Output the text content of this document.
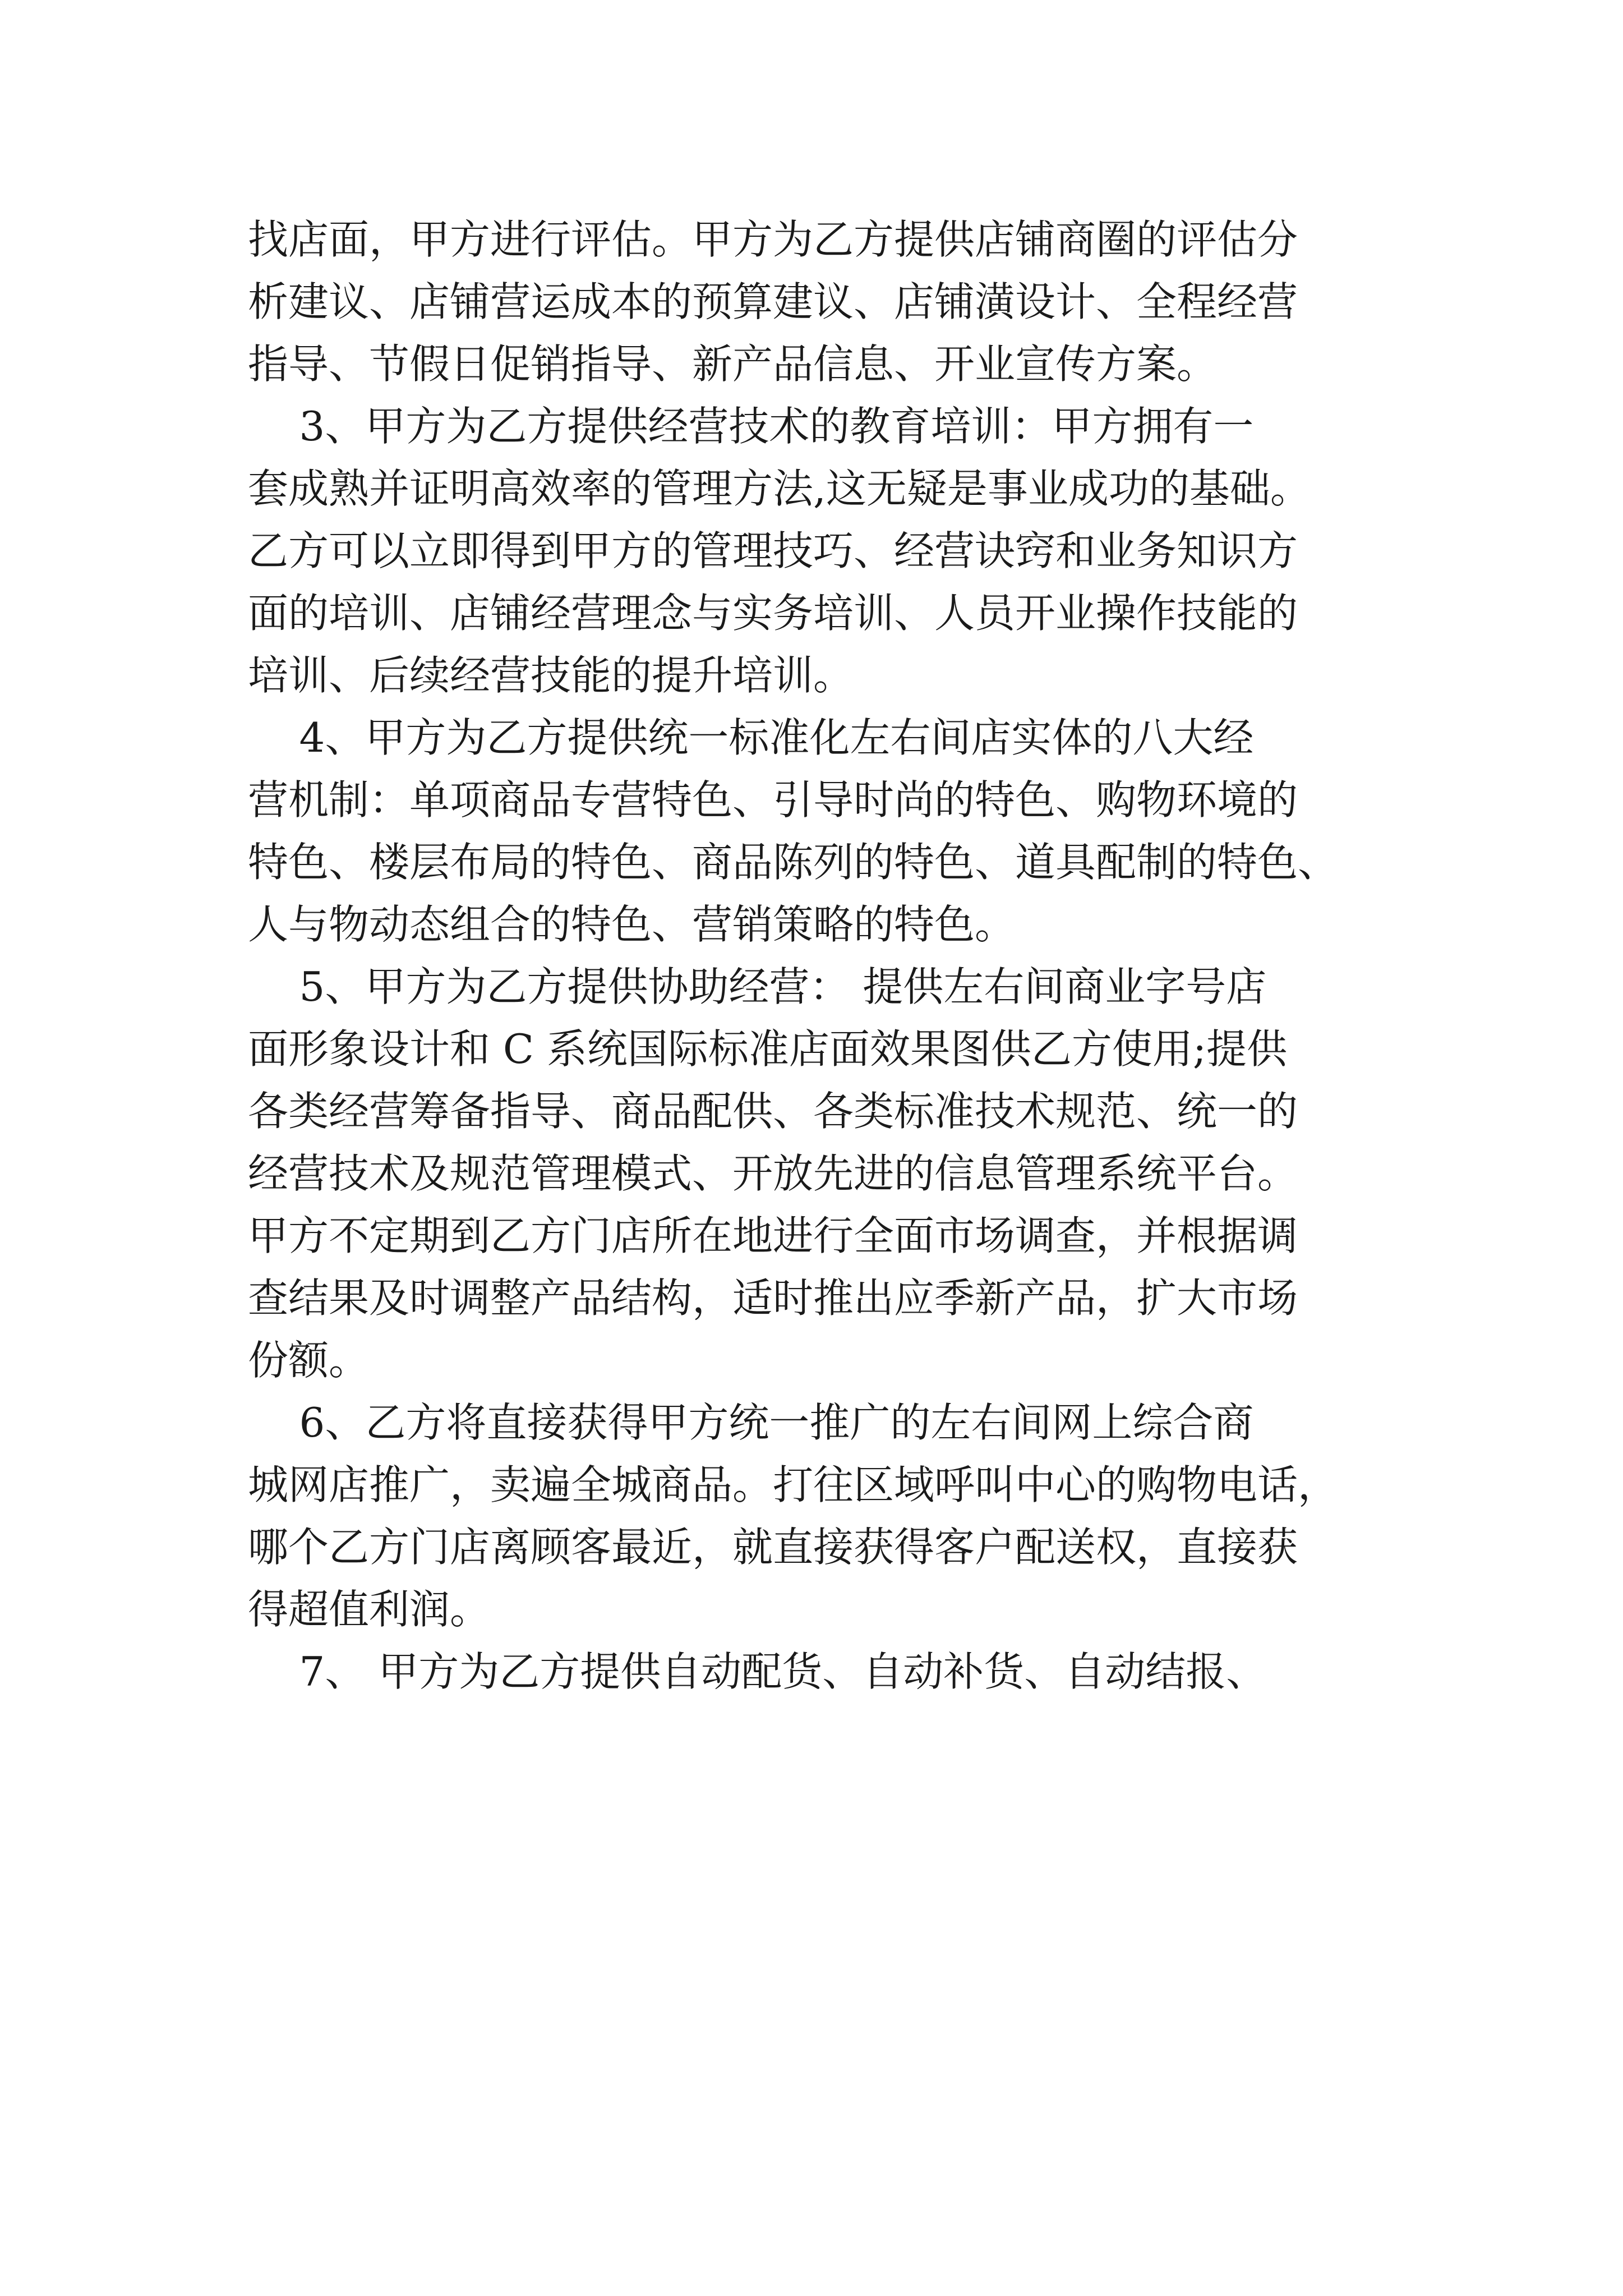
找店面，甲方进行评估。甲方为乙方提供店铺商圈的评估分

析建议、店铺营运成本的预算建议、店铺潢设计、全程经营

指导、节假日促销指导、新产品信息、开业宣传方案。

3、甲方为乙方提供经营技术的教育培训：甲方拥有一

套成熟并证明高效率的管理方法,这无疑是事业成功的基础。

乙方可以立即得到甲方的管理技巧、经营诀窍和业务知识方

面的培训、店铺经营理念与实务培训、人员开业操作技能的

培训、后续经营技能的提升培训。

4、甲方为乙方提供统一标准化左右间店实体的八大经

营机制：单项商品专营特色、引导时尚的特色、购物环境的

特色、楼层布局的特色、商品陈列的特色、道具配制的特色、

人与物动态组合的特色、营销策略的特色。

5、甲方为乙方提供协助经营： 提供左右间商业字号店

面形象设计和 C 系统国际标准店面效果图供乙方使用;提供

各类经营筹备指导、商品配供、各类标准技术规范、统一的

经营技术及规范管理模式、开放先进的信息管理系统平台。

甲方不定期到乙方门店所在地进行全面市场调查，并根据调

查结果及时调整产品结构，适时推出应季新产品，扩大市场

份额。

6、乙方将直接获得甲方统一推广的左右间网上综合商

城网店推广，卖遍全城商品。打往区域呼叫中心的购物电话，

哪个乙方门店离顾客最近，就直接获得客户配送权，直接获

得超值利润。

7、 甲方为乙方提供自动配货、自动补货、自动结报、
